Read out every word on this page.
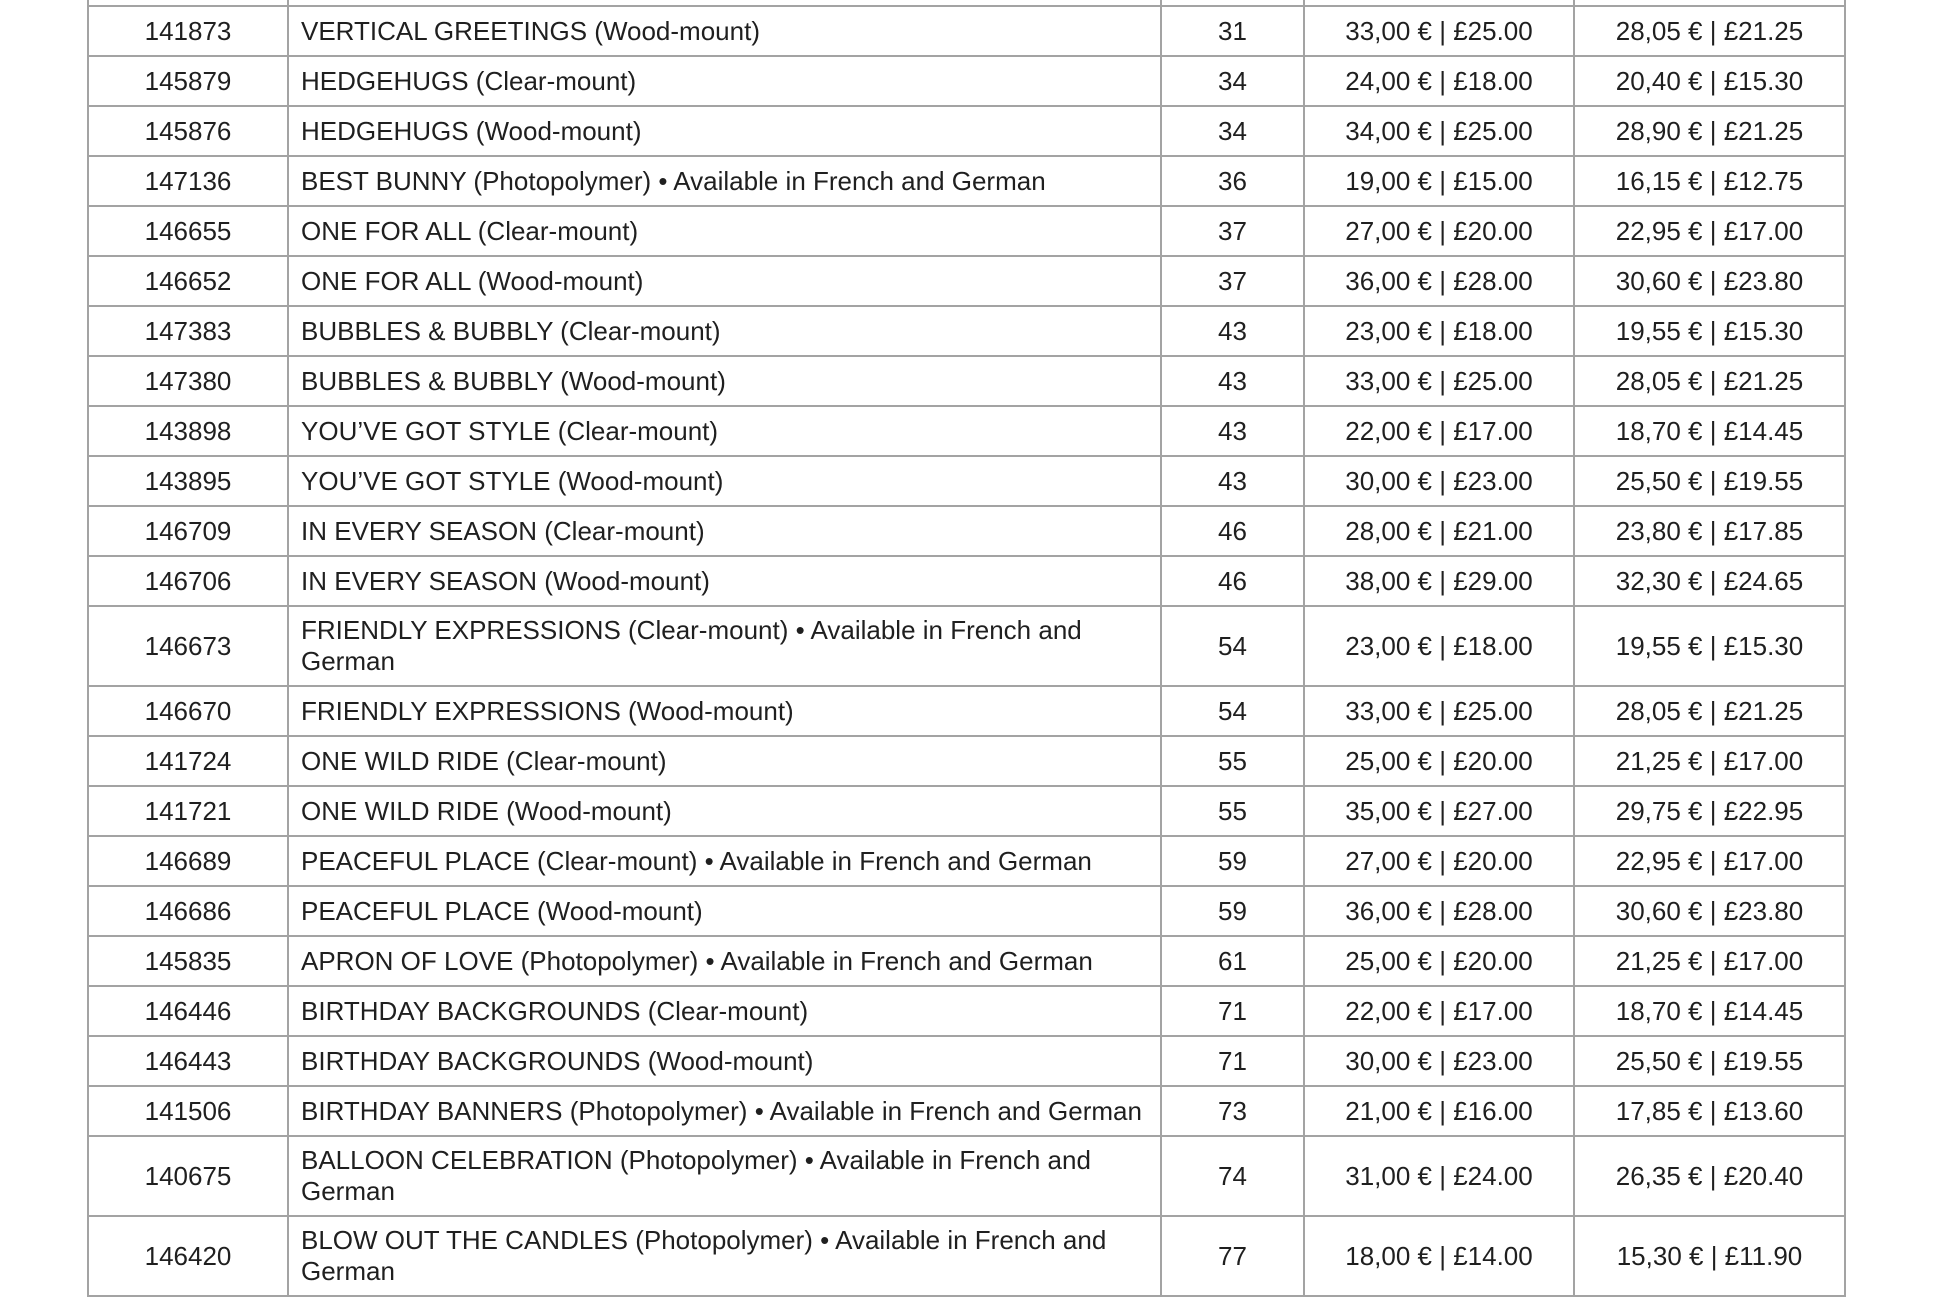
141873	VERTICAL GREETINGS (Wood-mount)	31	33,00 € | £25.00	28,05 € | £21.25
145879	HEDGEHUGS (Clear-mount)	34	24,00 € | £18.00	20,40 € | £15.30
145876	HEDGEHUGS (Wood-mount)	34	34,00 € | £25.00	28,90 € | £21.25
147136	BEST BUNNY (Photopolymer) • Available in French and German	36	19,00 € | £15.00	16,15 € | £12.75
146655	ONE FOR ALL (Clear-mount)	37	27,00 € | £20.00	22,95 € | £17.00
146652	ONE FOR ALL (Wood-mount)	37	36,00 € | £28.00	30,60 € | £23.80
147383	BUBBLES & BUBBLY (Clear-mount)	43	23,00 € | £18.00	19,55 € | £15.30
147380	BUBBLES & BUBBLY (Wood-mount)	43	33,00 € | £25.00	28,05 € | £21.25
143898	YOU’VE GOT STYLE (Clear-mount)	43	22,00 € | £17.00	18,70 € | £14.45
143895	YOU’VE GOT STYLE (Wood-mount)	43	30,00 € | £23.00	25,50 € | £19.55
146709	IN EVERY SEASON (Clear-mount)	46	28,00 € | £21.00	23,80 € | £17.85
146706	IN EVERY SEASON (Wood-mount)	46	38,00 € | £29.00	32,30 € | £24.65
146673	FRIENDLY EXPRESSIONS (Clear-mount) • Available in French and German	54	23,00 € | £18.00	19,55 € | £15.30
146670	FRIENDLY EXPRESSIONS (Wood-mount)	54	33,00 € | £25.00	28,05 € | £21.25
141724	ONE WILD RIDE (Clear-mount)	55	25,00 € | £20.00	21,25 € | £17.00
141721	ONE WILD RIDE (Wood-mount)	55	35,00 € | £27.00	29,75 € | £22.95
146689	PEACEFUL PLACE (Clear-mount) • Available in French and German	59	27,00 € | £20.00	22,95 € | £17.00
146686	PEACEFUL PLACE (Wood-mount)	59	36,00 € | £28.00	30,60 € | £23.80
145835	APRON OF LOVE (Photopolymer) • Available in French and German	61	25,00 € | £20.00	21,25 € | £17.00
146446	BIRTHDAY BACKGROUNDS (Clear-mount)	71	22,00 € | £17.00	18,70 € | £14.45
146443	BIRTHDAY BACKGROUNDS (Wood-mount)	71	30,00 € | £23.00	25,50 € | £19.55
141506	BIRTHDAY BANNERS (Photopolymer) • Available in French and German	73	21,00 € | £16.00	17,85 € | £13.60
140675	BALLOON CELEBRATION (Photopolymer) • Available in French and German	74	31,00 € | £24.00	26,35 € | £20.40
146420	BLOW OUT THE CANDLES (Photopolymer) • Available in French and German	77	18,00 € | £14.00	15,30 € | £11.90
